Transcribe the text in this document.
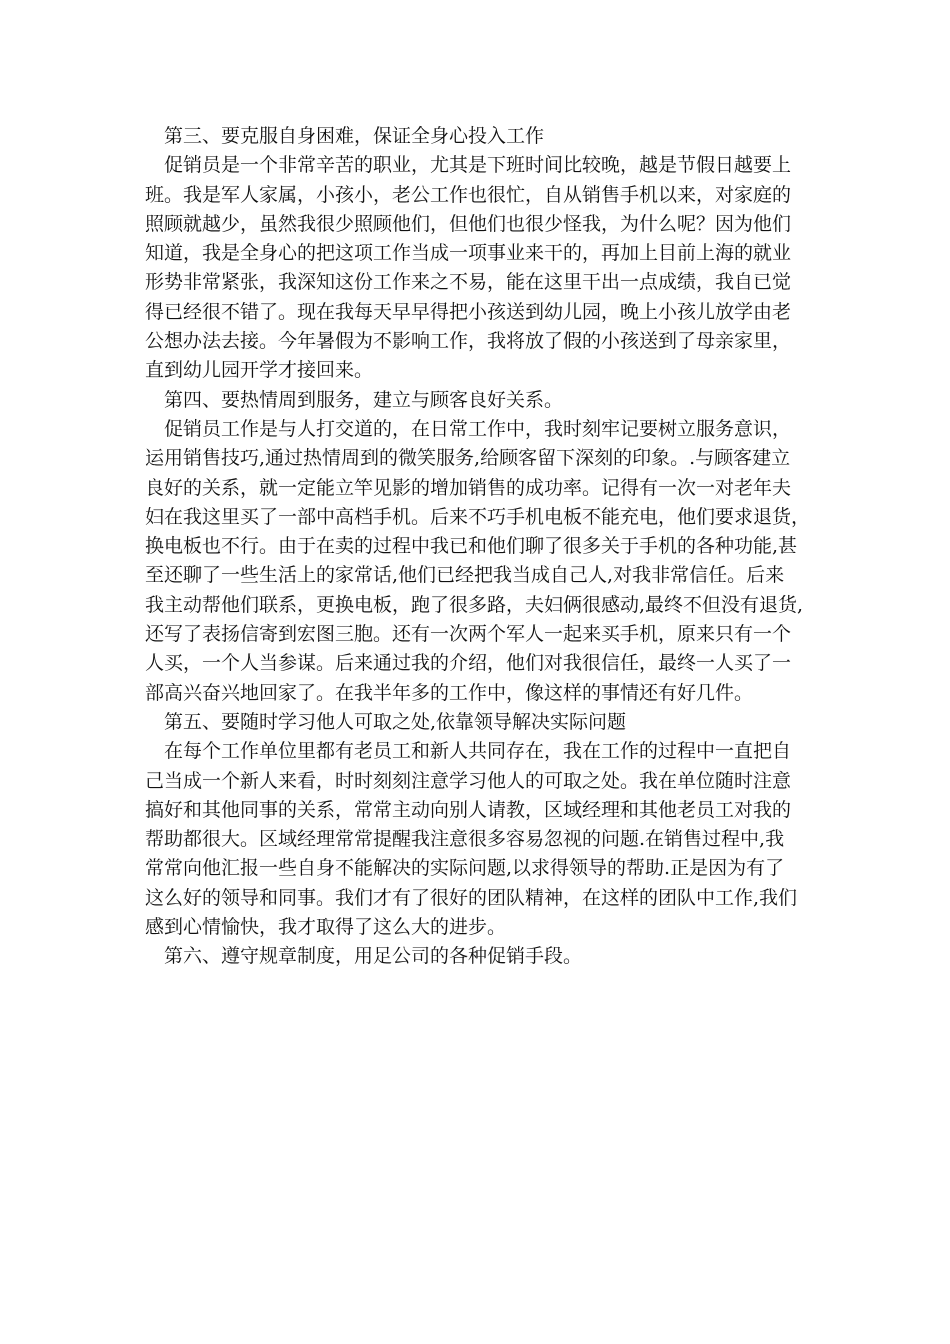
第三、要克服自身困难，保证全身心投入工作
促销员是一个非常辛苦的职业，尤其是下班时间比较晚，越是节假日越要上
班。我是军人家属，小孩小，老公工作也很忙，自从销售手机以来，对家庭的
照顾就越少，虽然我很少照顾他们，但他们也很少怪我，为什么呢？因为他们
知道，我是全身心的把这项工作当成一项事业来干的，再加上目前上海的就业
形势非常紧张，我深知这份工作来之不易，能在这里干出一点成绩，我自已觉
得已经很不错了。现在我每天早早得把小孩送到幼儿园，晚上小孩儿放学由老
公想办法去接。今年暑假为不影响工作，我将放了假的小孩送到了母亲家里，
直到幼儿园开学才接回来。
第四、要热情周到服务，建立与顾客良好关系。
促销员工作是与人打交道的，在日常工作中，我时刻牢记要树立服务意识，
运用销售技巧,通过热情周到的微笑服务,给顾客留下深刻的印象。.与顾客建立
良好的关系，就一定能立竿见影的增加销售的成功率。记得有一次一对老年夫
妇在我这里买了一部中高档手机。后来不巧手机电板不能充电，他们要求退货，
换电板也不行。由于在卖的过程中我已和他们聊了很多关于手机的各种功能,甚
至还聊了一些生活上的家常话,他们已经把我当成自己人,对我非常信任。后来
我主动帮他们联系，更换电板，跑了很多路，夫妇俩很感动,最终不但没有退货,
还写了表扬信寄到宏图三胞。还有一次两个军人一起来买手机，原来只有一个
人买，一个人当参谋。后来通过我的介绍，他们对我很信任，最终一人买了一
部高兴奋兴地回家了。在我半年多的工作中，像这样的事情还有好几件。
第五、要随时学习他人可取之处,依靠领导解决实际问题
在每个工作单位里都有老员工和新人共同存在，我在工作的过程中一直把自
己当成一个新人来看，时时刻刻注意学习他人的可取之处。我在单位随时注意
搞好和其他同事的关系，常常主动向别人请教，区域经理和其他老员工对我的
帮助都很大。区域经理常常提醒我注意很多容易忽视的问题.在销售过程中,我
常常向他汇报一些自身不能解决的实际问题,以求得领导的帮助.正是因为有了
这么好的领导和同事。我们才有了很好的团队精神，在这样的团队中工作,我们
感到心情愉快，我才取得了这么大的进步。
第六、遵守规章制度，用足公司的各种促销手段。
